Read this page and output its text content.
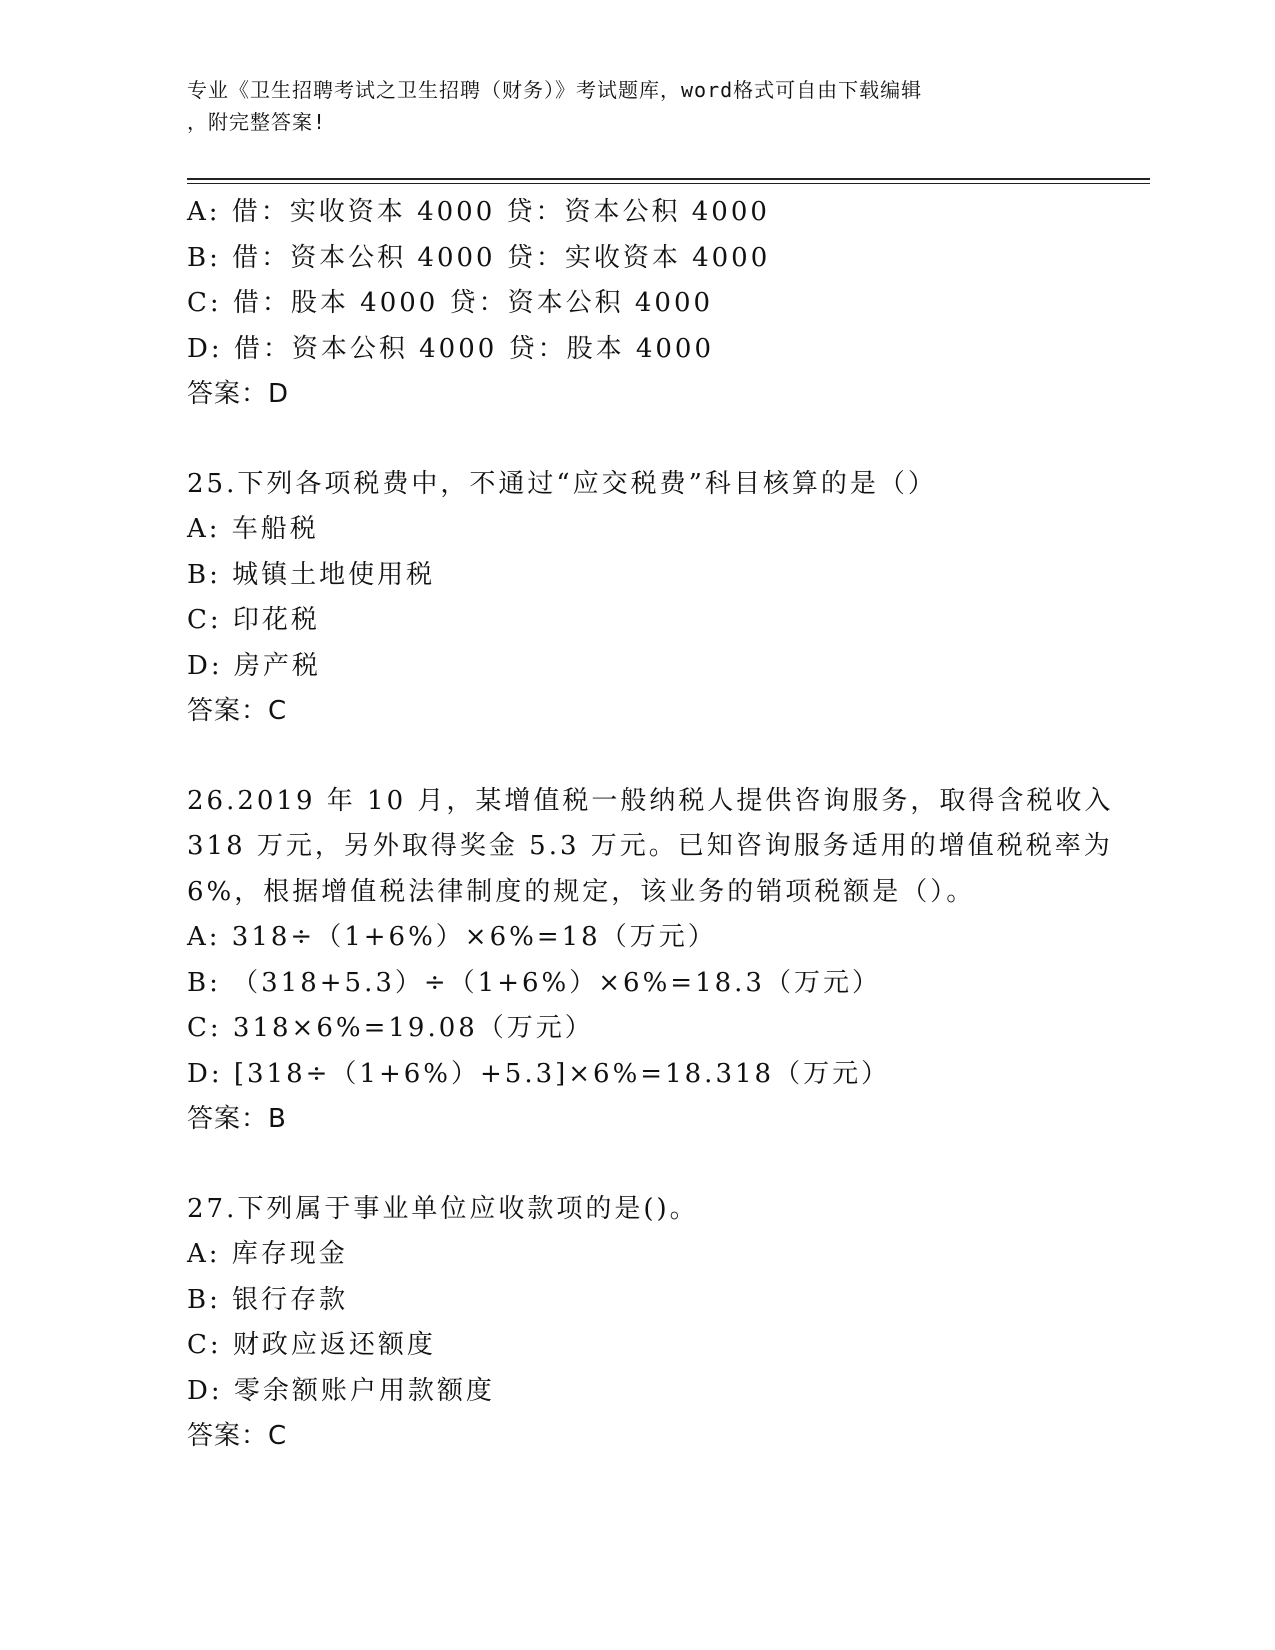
专业《卫生招聘考试之卫生招聘（财务）》考试题库，word格式可自由下载编辑
，附完整答案!
A: 借：实收资本 4000 贷：资本公积 4000
B: 借：资本公积 4000 贷：实收资本 4000
C: 借：股本 4000 贷：资本公积 4000
D: 借：资本公积 4000 贷：股本 4000
答案：D
25.下列各项税费中，不通过“应交税费”科目核算的是（）
A: 车船税
B: 城镇土地使用税
C: 印花税
D: 房产税
答案：C
26.2019 年 10 月，某增值税一般纳税人提供咨询服务，取得含税收入
318 万元，另外取得奖金 5.3 万元。已知咨询服务适用的增值税税率为
6%，根据增值税法律制度的规定，该业务的销项税额是（）。
A: 318÷（1+6%）×6%=18（万元）
B: （318+5.3）÷（1+6%）×6%=18.3（万元）
C: 318×6%=19.08（万元）
D: [318÷（1+6%）+5.3]×6%=18.318（万元）
答案：B
27.下列属于事业单位应收款项的是()。
A: 库存现金
B: 银行存款
C: 财政应返还额度
D: 零余额账户用款额度
答案：C
